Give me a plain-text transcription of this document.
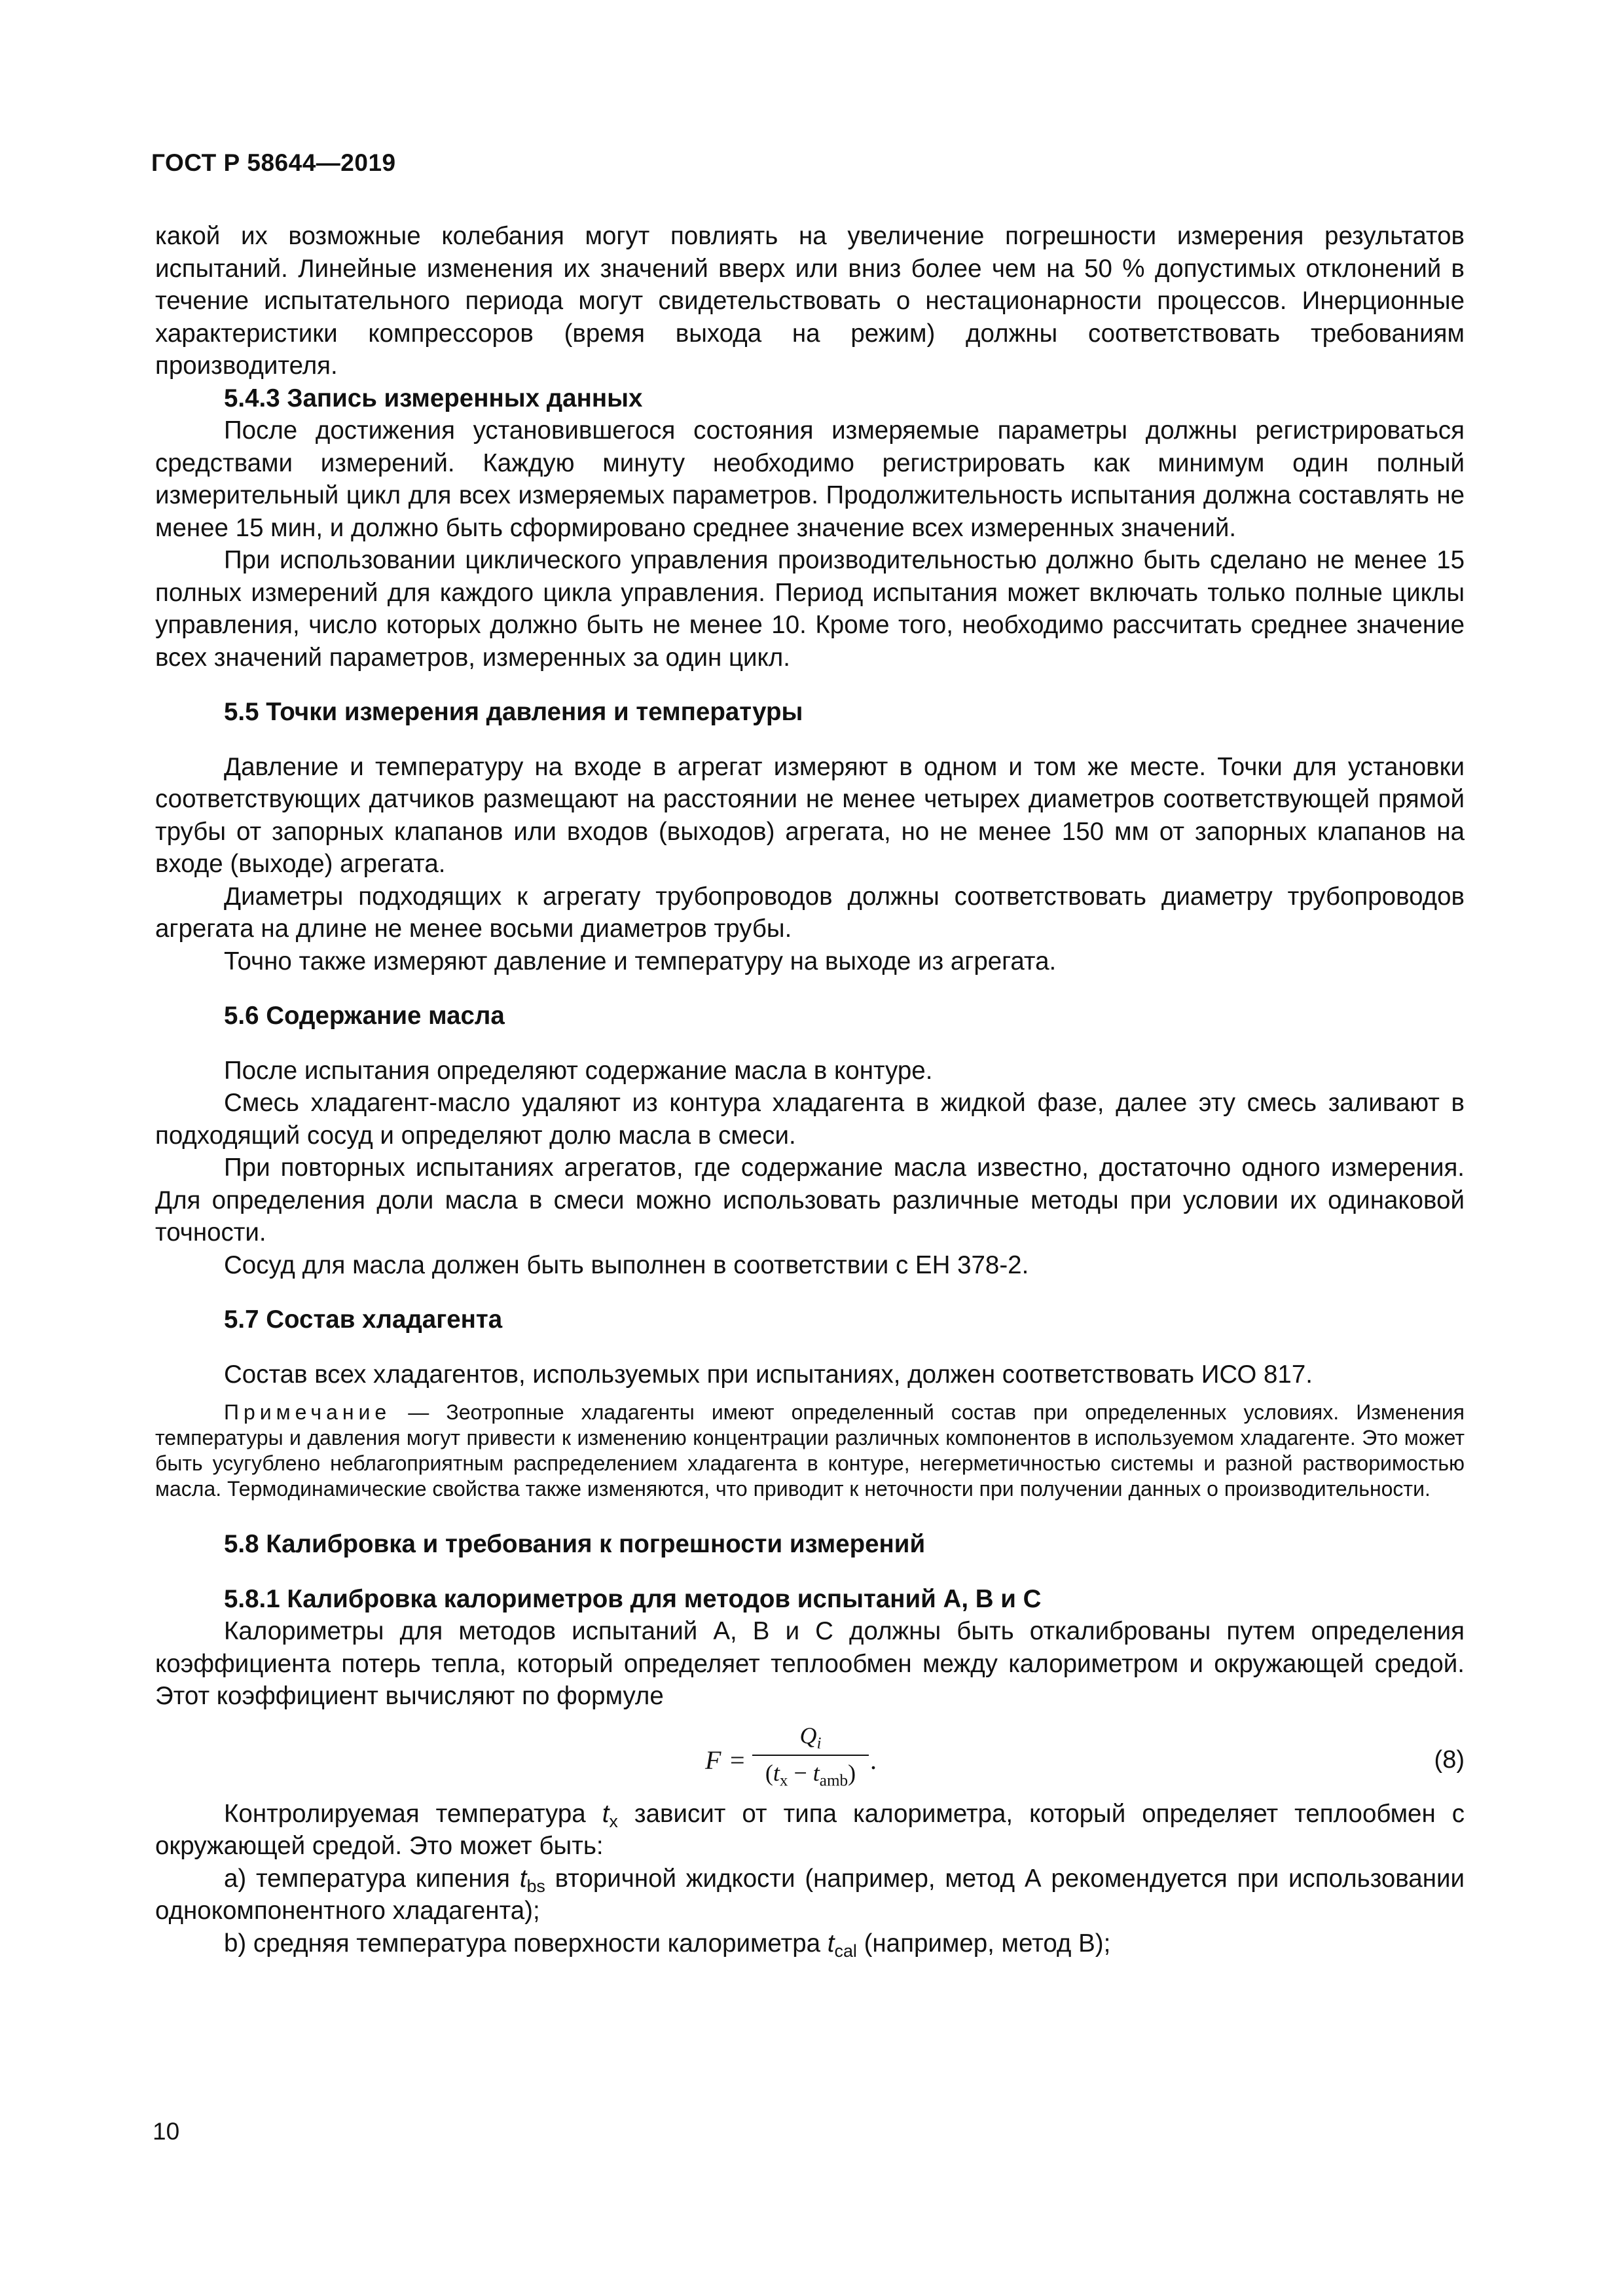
ГОСТ Р 58644—2019

какой их возможные колебания могут повлиять на увеличение погрешности измерения результатов испытаний. Линейные изменения их значений вверх или вниз более чем на 50 % допустимых отклонений в течение испытательного периода могут свидетельствовать о нестационарности процессов. Инерционные характеристики компрессоров (время выхода на режим) должны соответствовать требованиям производителя.

5.4.3 Запись измеренных данных

После достижения установившегося состояния измеряемые параметры должны регистрироваться средствами измерений. Каждую минуту необходимо регистрировать как минимум один полный измерительный цикл для всех измеряемых параметров. Продолжительность испытания должна составлять не менее 15 мин, и должно быть сформировано среднее значение всех измеренных значений.

При использовании циклического управления производительностью должно быть сделано не менее 15 полных измерений для каждого цикла управления. Период испытания может включать только полные циклы управления, число которых должно быть не менее 10. Кроме того, необходимо рассчитать среднее значение всех значений параметров, измеренных за один цикл.

5.5 Точки измерения давления и температуры

Давление и температуру на входе в агрегат измеряют в одном и том же месте. Точки для установки соответствующих датчиков размещают на расстоянии не менее четырех диаметров соответствующей прямой трубы от запорных клапанов или входов (выходов) агрегата, но не менее 150 мм от запорных клапанов на входе (выходе) агрегата.

Диаметры подходящих к агрегату трубопроводов должны соответствовать диаметру трубопроводов агрегата на длине не менее восьми диаметров трубы.

Точно также измеряют давление и температуру на выходе из агрегата.

5.6 Содержание масла

После испытания определяют содержание масла в контуре.

Смесь хладагент-масло удаляют из контура хладагента в жидкой фазе, далее эту смесь заливают в подходящий сосуд и определяют долю масла в смеси.

При повторных испытаниях агрегатов, где содержание масла известно, достаточно одного измерения. Для определения доли масла в смеси можно использовать различные методы при условии их одинаковой точности.

Сосуд для масла должен быть выполнен в соответствии с ЕН 378-2.

5.7 Состав хладагента

Состав всех хладагентов, используемых при испытаниях, должен соответствовать ИСО 817.

Примечание — Зеотропные хладагенты имеют определенный состав при определенных условиях. Изменения температуры и давления могут привести к изменению концентрации различных компонентов в используемом хладагенте. Это может быть усугублено неблагоприятным распределением хладагента в контуре, негерметичностью системы и разной растворимостью масла. Термодинамические свойства также изменяются, что приводит к неточности при получении данных о производительности.

5.8 Калибровка и требования к погрешности измерений

5.8.1 Калибровка калориметров для методов испытаний А, В и С

Калориметры для методов испытаний А, В и С должны быть откалиброваны путем определения коэффициента потерь тепла, который определяет теплообмен между калориметром и окружающей средой. Этот коэффициент вычисляют по формуле

F =
$Q_i$
$(t_x - t_{amb})$ .	(8)

Контролируемая температура $t_x$ зависит от типа калориметра, который определяет теплообмен с окружающей средой. Это может быть:

a) температура кипения $t_{bs}$ вторичной жидкости (например, метод А рекомендуется при использовании однокомпонентного хладагента);

b) средняя температура поверхности калориметра $t_{cal}$ (например, метод В);

10
